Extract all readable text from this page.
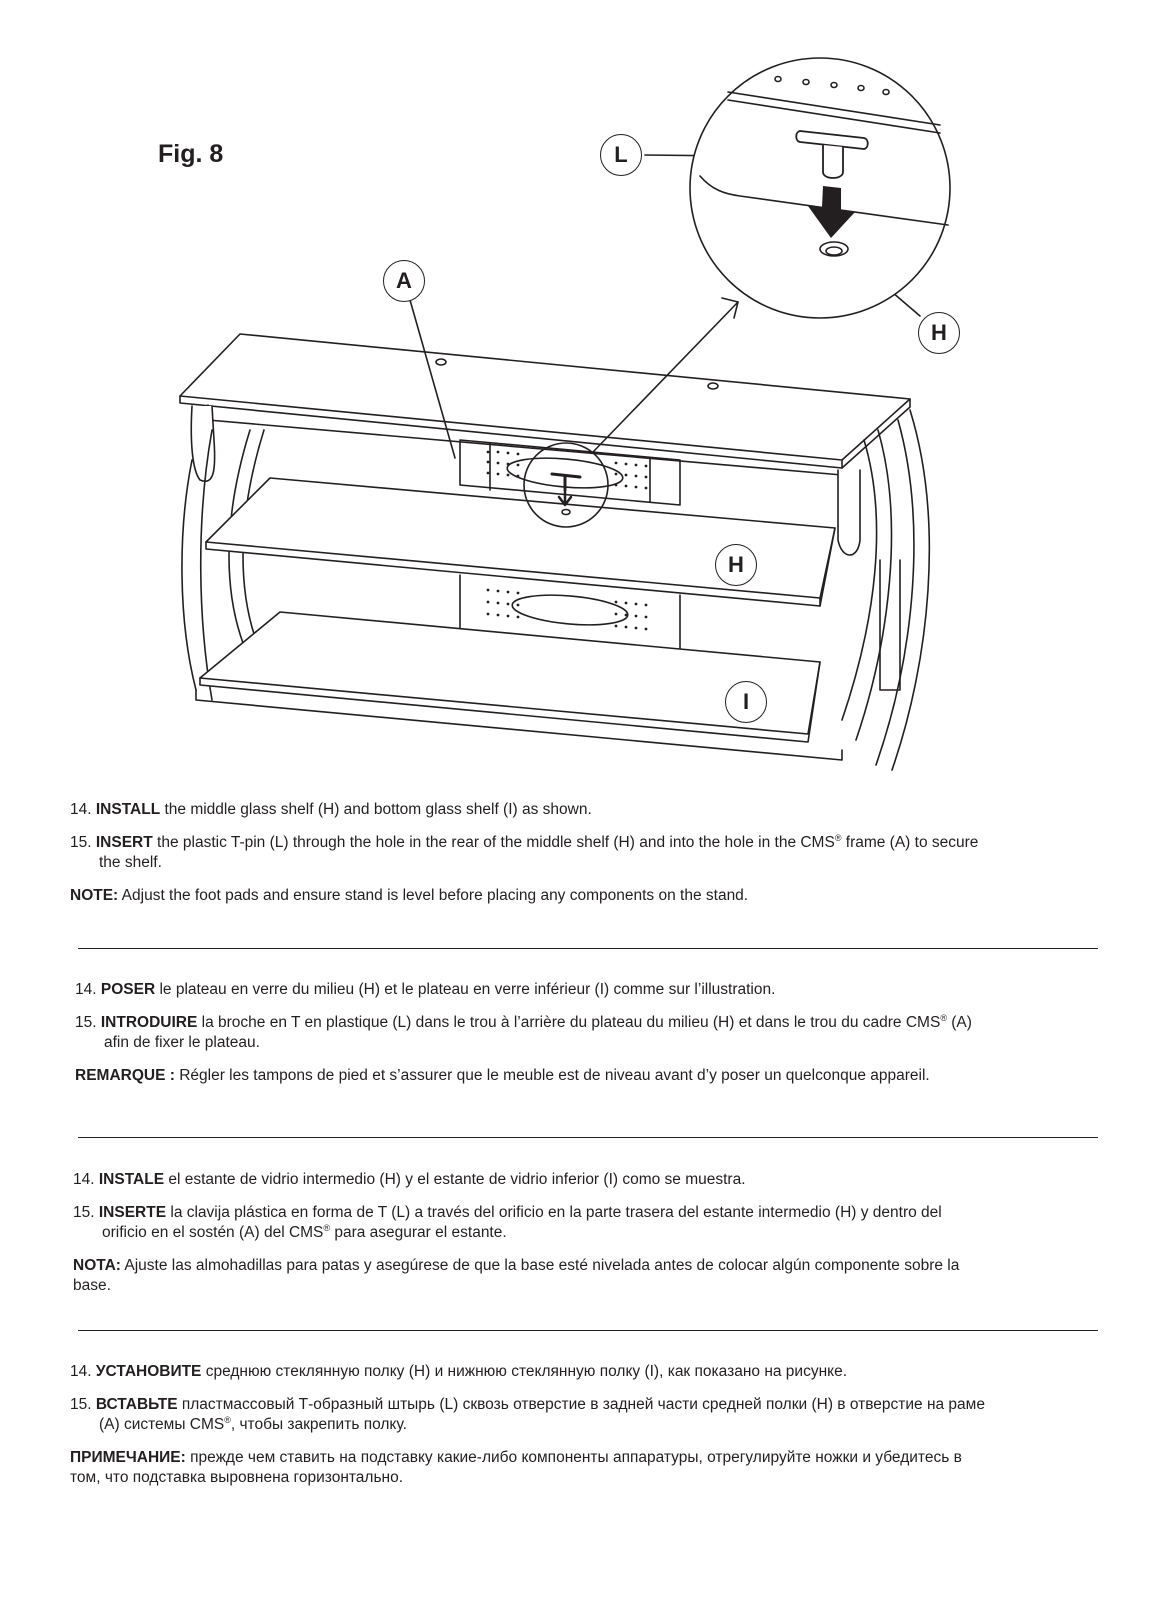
Fig. 8	L
A
H
H
I

14. INSTALL the middle glass shelf (H) and bottom glass shelf (I) as shown.

15. INSERT the plastic T-pin (L) through the hole in the rear of the middle shelf (H) and into the hole in the CMS® frame (A) to secure
the shelf.

NOTE: Adjust the foot pads and ensure stand is level before placing any components on the stand.

14. POSER le plateau en verre du milieu (H) et le plateau en verre inférieur (I) comme sur l’illustration.

15. INTRODUIRE la broche en T en plastique (L) dans le trou à l’arrière du plateau du milieu (H) et dans le trou du cadre CMS® (A)
afin de fixer le plateau.

REMARQUE : Régler les tampons de pied et s’assurer que le meuble est de niveau avant d’y poser un quelconque appareil.

14. INSTALE el estante de vidrio intermedio (H) y el estante de vidrio inferior (I) como se muestra.

15. INSERTE la clavija plástica en forma de T (L) a través del orificio en la parte trasera del estante intermedio (H) y dentro del
orificio en el sostén (A) del CMS® para asegurar el estante.

NOTA: Ajuste las almohadillas para patas y asegúrese de que la base esté nivelada antes de colocar algún componente sobre la
base.

14. УСТАНОВИТЕ среднюю стеклянную полку (H) и нижнюю стеклянную полку (I), как показано на рисунке.

15. ВСТАВЬТЕ пластмассовый Т-образный штырь (L) сквозь отверстие в задней части средней полки (H) в отверстие на раме
(A) системы CMS®, чтобы закрепить полку.

ПРИМЕЧАНИЕ: прежде чем ставить на подставку какие-либо компоненты аппаратуры, отрегулируйте ножки и убедитесь в
том, что подставка выровнена горизонтально.
